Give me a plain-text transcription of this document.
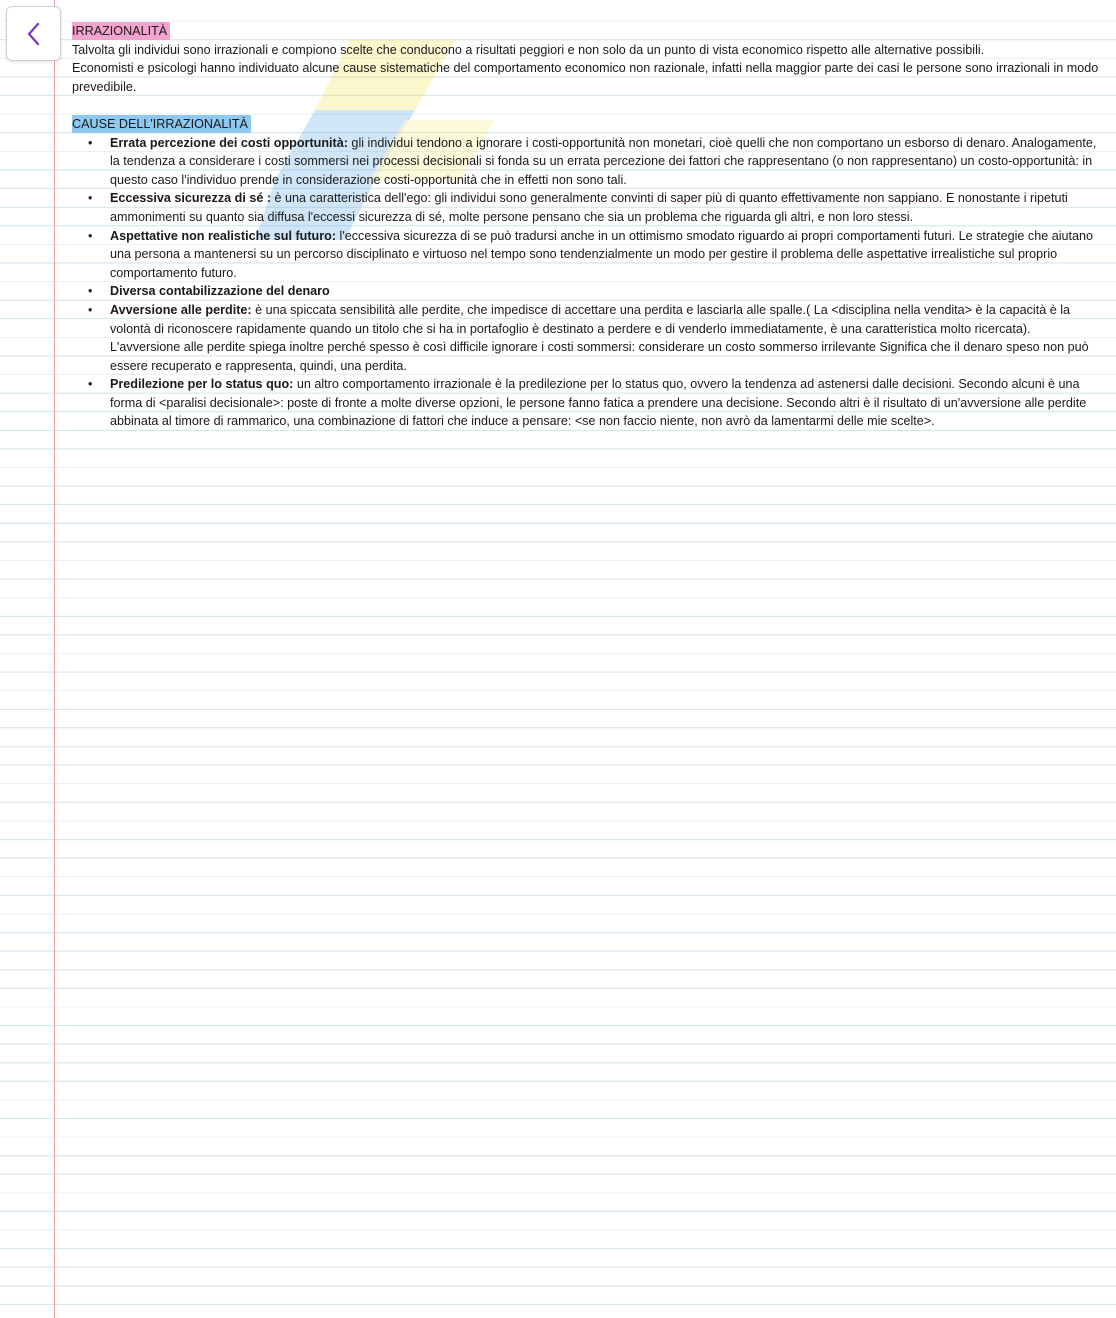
IRRAZIONALITÀ

Talvolta gli individui sono irrazionali e compiono scelte che conducono a risultati peggiori e non solo da un punto di vista economico rispetto alle alternative possibili.

Economisti e psicologi hanno individuato alcune cause sistematiche del comportamento economico non razionale, infatti nella maggior parte dei casi le persone sono irrazionali in modo prevedibile.

CAUSE DELL'IRRAZIONALITÀ
• Errata percezione dei costi opportunità: gli individui tendono a ignorare i costi-opportunità non monetari, cioè quelli che non comportano un esborso di denaro. Analogamente, la tendenza a considerare i costi sommersi nei processi decisionali si fonda su un errata percezione dei fattori che rappresentano (o non rappresentano) un costo-opportunità: in questo caso l'individuo prende in considerazione costi-opportunità che in effetti non sono tali.
• Eccessiva sicurezza di sé : è una caratteristica dell'ego: gli individui sono generalmente convinti di saper più di quanto effettivamente non sappiano. E nonostante i ripetuti ammonimenti su quanto sia diffusa l'eccessi sicurezza di sé, molte persone pensano che sia un problema che riguarda gli altri, e non loro stessi.
• Aspettative non realistiche sul futuro: l'eccessiva sicurezza di se può tradursi anche in un ottimismo smodato riguardo ai propri comportamenti futuri. Le strategie che aiutano una persona a mantenersi su un percorso disciplinato e virtuoso nel tempo sono tendenzialmente un modo per gestire il problema delle aspettative irrealistiche sul proprio comportamento futuro.
• Diversa contabilizzazione del denaro
• Avversione alle perdite: è una spiccata sensibilità alle perdite, che impedisce di accettare una perdita e lasciarla alle spalle.( La <disciplina nella vendita> è la capacità è la volontà di riconoscere rapidamente quando un titolo che si ha in portafoglio è destinato a perdere e di venderlo immediatamente, è una caratteristica molto ricercata). L'avversione alle perdite spiega inoltre perché spesso è così difficile ignorare i costi sommersi: considerare un costo sommerso irrilevante Significa che il denaro speso non può essere recuperato e rappresenta, quindi, una perdita.
• Predilezione per lo status quo: un altro comportamento irrazionale è la predilezione per lo status quo, ovvero la tendenza ad astenersi dalle decisioni. Secondo alcuni è una forma di <paralisi decisionale>: poste di fronte a molte diverse opzioni, le persone fanno fatica a prendere una decisione. Secondo altri è il risultato di un'avversione alle perdite abbinata al timore di rammarico, una combinazione di fattori che induce a pensare: <se non faccio niente, non avrò da lamentarmi delle mie scelte>.
